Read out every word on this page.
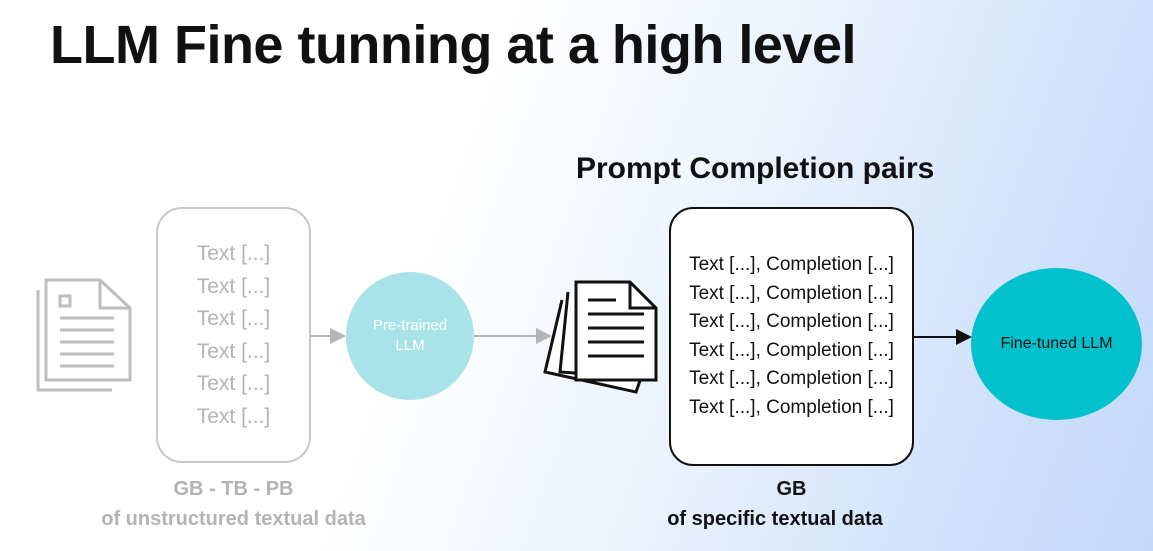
LLM Fine tunning at a high level
Text [...]
Text [...]
Text [...]
Text [...]
Text [...]
Text [...]
Pre-trained
LLM
GB - TB - PB
of unstructured textual data
Prompt Completion pairs
Text [...], Completion [...]
Text [...], Completion [...]
Text [...], Completion [...]
Text [...], Completion [...]
Text [...], Completion [...]
Text [...], Completion [...]
Fine-tuned LLM
GB
of specific textual data
